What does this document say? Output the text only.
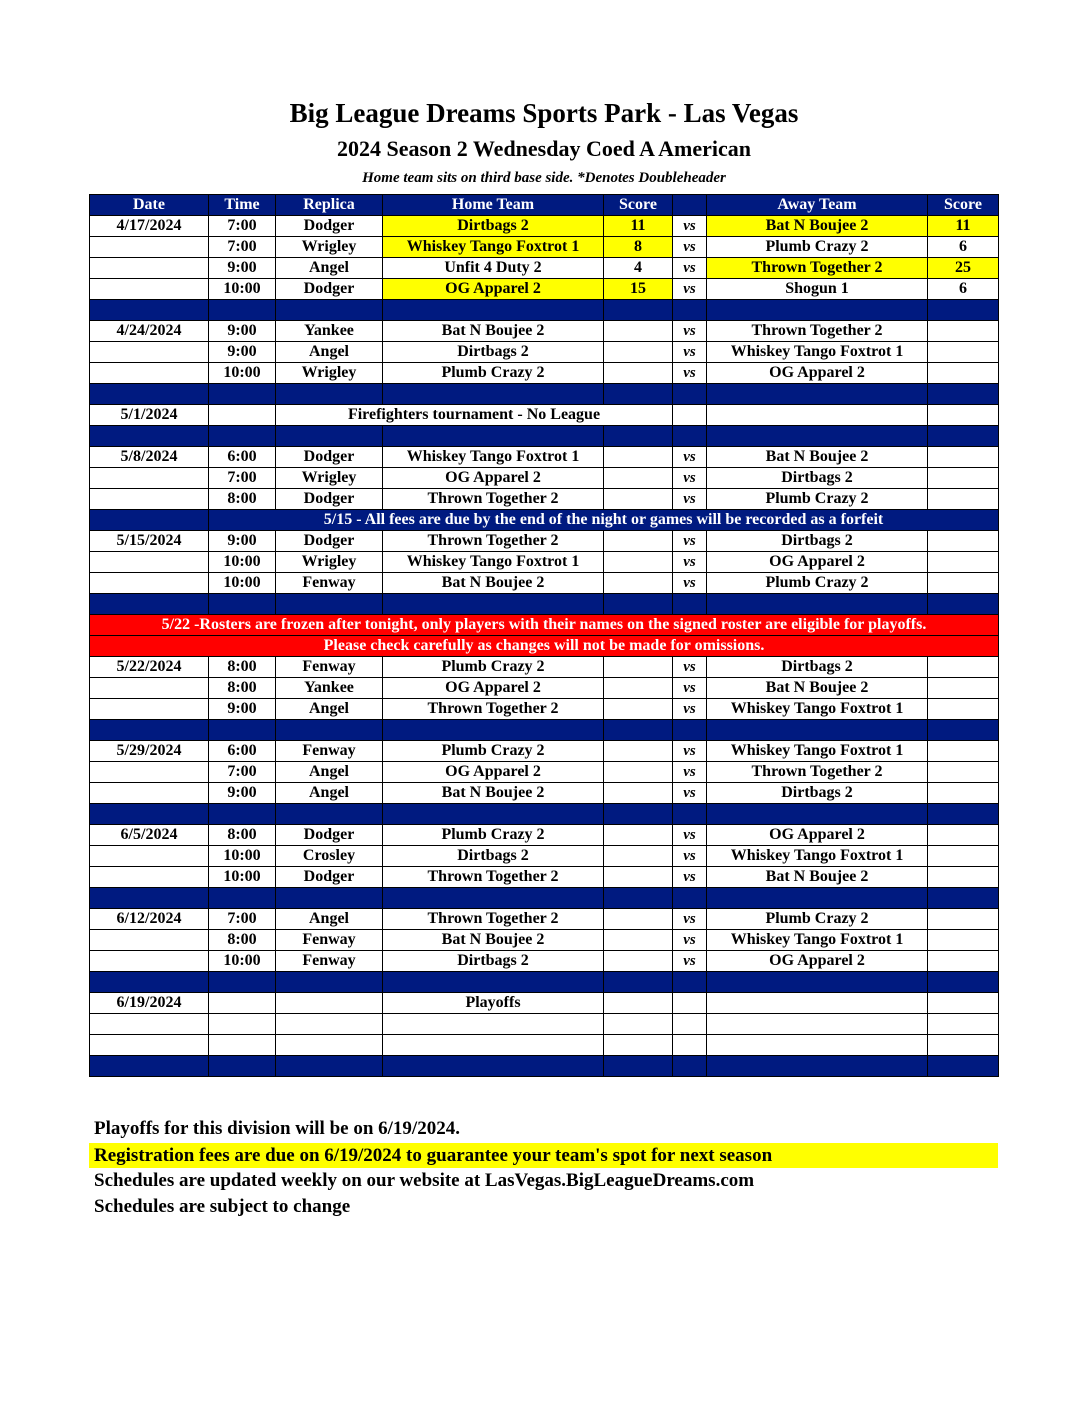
Big League Dreams Sports Park - Las Vegas
2024 Season 2 Wednesday Coed A American
Home team sits on third base side. *Denotes Doubleheader
Date	Time	Replica	Home Team	Score		Away Team	Score
4/17/2024	7:00	Dodger	Dirtbags 2	11	vs	Bat N Boujee 2	11
	7:00	Wrigley	Whiskey Tango Foxtrot 1	8	vs	Plumb Crazy 2	6
	9:00	Angel	Unfit 4 Duty 2	4	vs	Thrown Together 2	25
	10:00	Dodger	OG Apparel 2	15	vs	Shogun 1	6

4/24/2024	9:00	Yankee	Bat N Boujee 2		vs	Thrown Together 2	
	9:00	Angel	Dirtbags 2		vs	Whiskey Tango Foxtrot 1	
	10:00	Wrigley	Plumb Crazy 2		vs	OG Apparel 2	

5/1/2024		Firefighters tournament - No League					

5/8/2024	6:00	Dodger	Whiskey Tango Foxtrot 1		vs	Bat N Boujee 2	
	7:00	Wrigley	OG Apparel 2		vs	Dirtbags 2	
	8:00	Dodger	Thrown Together 2		vs	Plumb Crazy 2	
	5/15 - All fees are due by the end of the night or games will be recorded as a forfeit						
5/15/2024	9:00	Dodger	Thrown Together 2		vs	Dirtbags 2	
	10:00	Wrigley	Whiskey Tango Foxtrot 1		vs	OG Apparel 2	
	10:00	Fenway	Bat N Boujee 2		vs	Plumb Crazy 2	

5/22 -Rosters are frozen after tonight, only players with their names on the signed roster are eligible for playoffs.							
Please check carefully as changes will not be made for omissions.							
5/22/2024	8:00	Fenway	Plumb Crazy 2		vs	Dirtbags 2	
	8:00	Yankee	OG Apparel 2		vs	Bat N Boujee 2	
	9:00	Angel	Thrown Together 2		vs	Whiskey Tango Foxtrot 1	

5/29/2024	6:00	Fenway	Plumb Crazy 2		vs	Whiskey Tango Foxtrot 1	
	7:00	Angel	OG Apparel 2		vs	Thrown Together 2	
	9:00	Angel	Bat N Boujee 2		vs	Dirtbags 2	

6/5/2024	8:00	Dodger	Plumb Crazy 2		vs	OG Apparel 2	
	10:00	Crosley	Dirtbags 2		vs	Whiskey Tango Foxtrot 1	
	10:00	Dodger	Thrown Together 2		vs	Bat N Boujee 2	

6/12/2024	7:00	Angel	Thrown Together 2		vs	Plumb Crazy 2	
	8:00	Fenway	Bat N Boujee 2		vs	Whiskey Tango Foxtrot 1	
	10:00	Fenway	Dirtbags 2		vs	OG Apparel 2	

6/19/2024			Playoffs				

Playoffs for this division will be on 6/19/2024.
Registration fees are due on 6/19/2024 to guarantee your team's spot for next season
Schedules are updated weekly on our website at LasVegas.BigLeagueDreams.com
Schedules are subject to change
